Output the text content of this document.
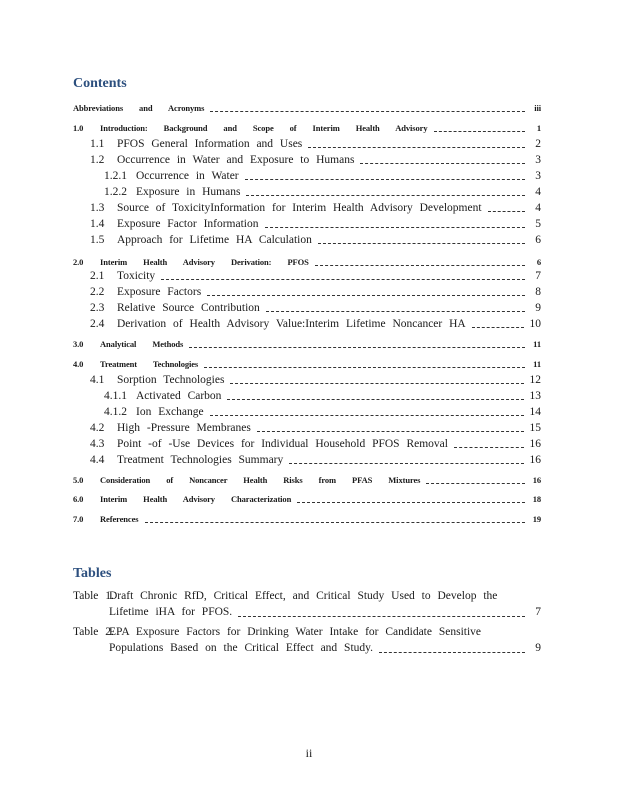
Contents
Abbreviations and Acronyms	iii
1.0	Introduction: Background and Scope of Interim Health Advisory	1
1.1	PFOS General Information and Uses	2
1.2	Occurrence in Water and Exposure to Humans	3
1.2.1 Occurrence in Water	3
1.2.2 Exposure in Humans	4
1.3	Source of ToxicityInformation for Interim Health Advisory Development	4
1.4	Exposure Factor Information	5
1.5	Approach for Lifetime HA Calculation	6
2.0	Interim Health Advisory Derivation: PFOS	6
2.1	Toxicity	7
2.2	Exposure Factors	8
2.3	Relative Source Contribution	9
2.4	Derivation of Health Advisory Value:Interim Lifetime Noncancer HA	10
3.0	Analytical Methods	11
4.0	Treatment Technologies	11
4.1	Sorption Technologies	12
4.1.1 Activated Carbon	13
4.1.2 Ion Exchange	14
4.2	High -Pressure Membranes	15
4.3	Point -of -Use Devices for Individual Household PFOS Removal	16
4.4	Treatment Technologies Summary	16
5.0	Consideration of Noncancer Health Risks from PFAS Mixtures	16
6.0	Interim Health Advisory Characterization	18
7.0	References	19
Tables
Table 1.
Draft Chronic RfD, Critical Effect, and Critical Study Used to Develop the
Lifetime iHA for PFOS.	7
Table 2.
EPA Exposure Factors for Drinking Water Intake for Candidate Sensitive
Populations Based on the Critical Effect and Study.	9
ii
